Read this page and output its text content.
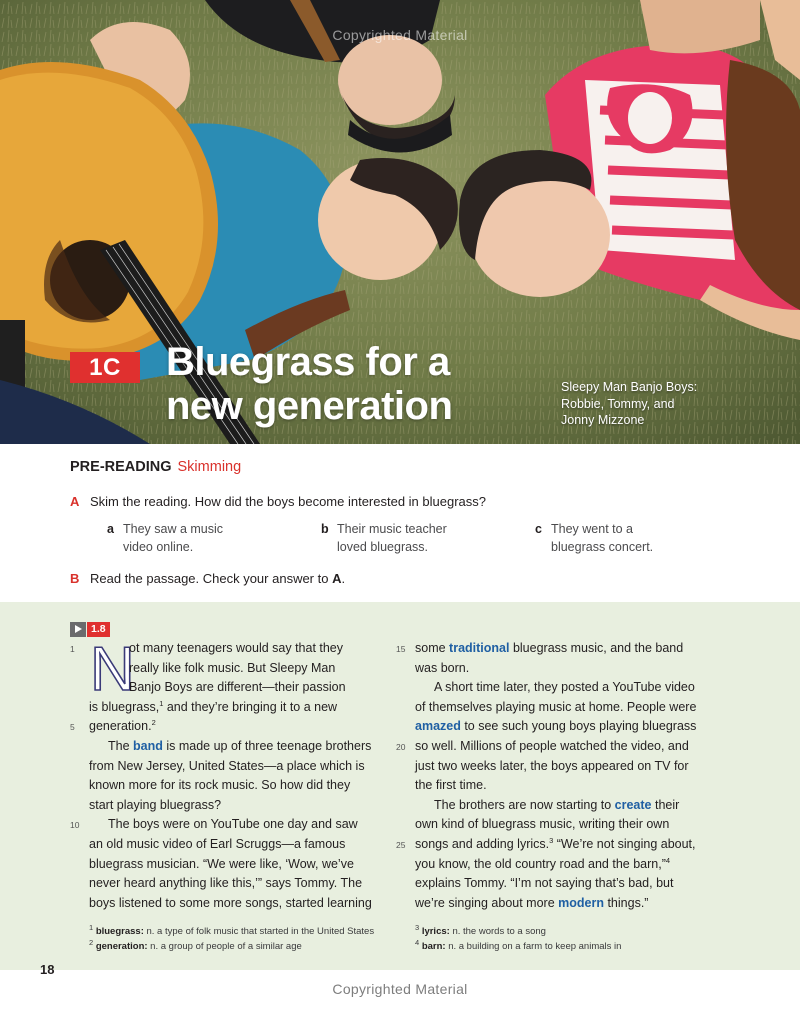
Copyrighted Material
1C	Bluegrass for a
new generation	Sleepy Man Banjo Boys:
Robbie, Tommy, and
Jonny Mizzone
PRE-READING Skimming
A Skim the reading. How did the boys become interested in bluegrass?
a They saw a music
video online.
b Their music teacher
loved bluegrass.
c They went to a
bluegrass concert.
B Read the passage. Check your answer to A.
1.8
1
5
10
15
20
25
N
ot many teenagers would say that they
really like folk music. But Sleepy Man
Banjo Boys are different—their passion
is bluegrass,$^1$ and they’re bringing it to a new
generation.$^2$
The band is made up of three teenage brothers
from New Jersey, United States—a place which is
known more for its rock music. So how did they
start playing bluegrass?
The boys were on YouTube one day and saw
an old music video of Earl Scruggs—a famous
bluegrass musician. “We were like, ‘Wow, we’ve
never heard anything like this,’” says Tommy. The
boys listened to some more songs, started learning
some traditional bluegrass music, and the band
was born.
A short time later, they posted a YouTube video
of themselves playing music at home. People were
amazed to see such young boys playing bluegrass
so well. Millions of people watched the video, and
just two weeks later, the boys appeared on TV for
the first time.
The brothers are now starting to create their
own kind of bluegrass music, writing their own
songs and adding lyrics.$^3$ “We’re not singing about,
you know, the old country road and the barn,”$^4$
explains Tommy. “I’m not saying that’s bad, but
we’re singing about more modern things.”
$^1$ bluegrass: n. a type of folk music that started in the United States
$^2$ generation: n. a group of people of a similar age
$^3$ lyrics: n. the words to a song
$^4$ barn: n. a building on a farm to keep animals in
18
Copyrighted Material
